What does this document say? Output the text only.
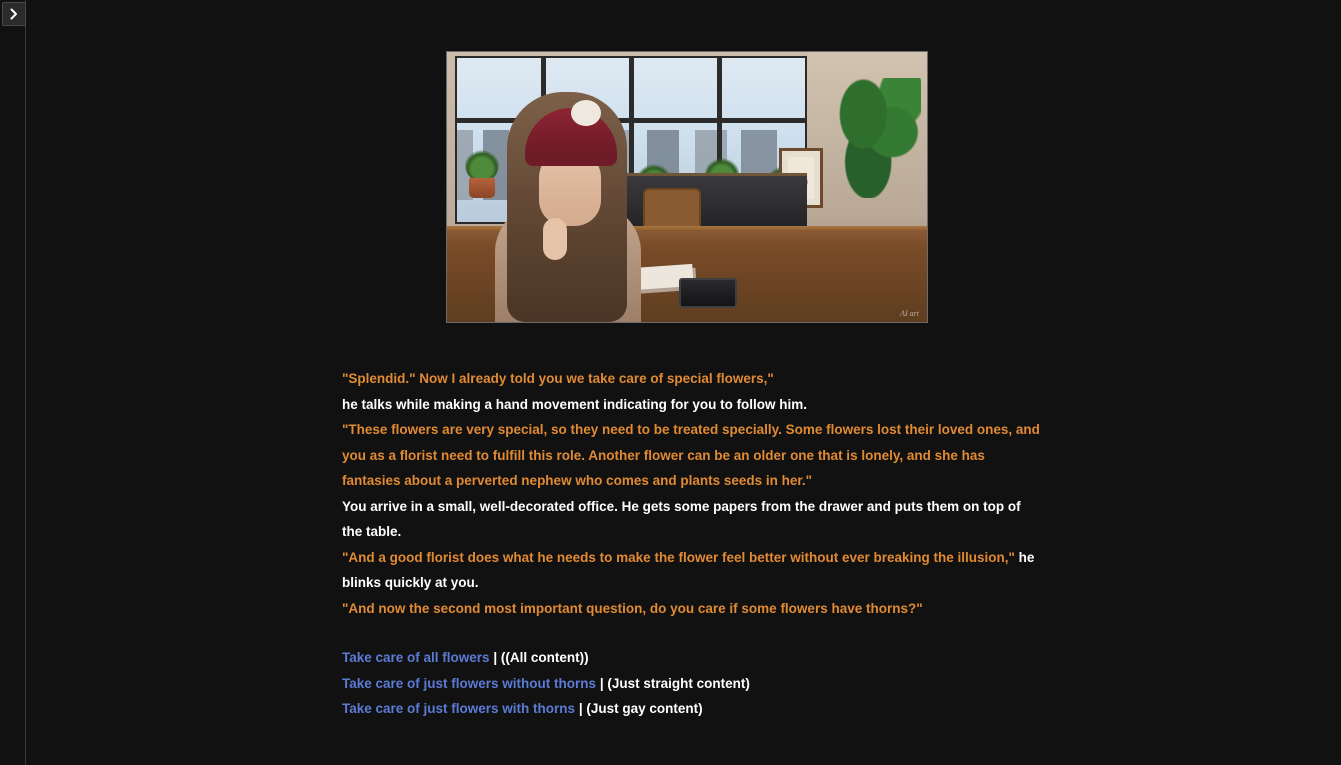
AI art

"Splendid." Now I already told you we take care of special flowers,"

he talks while making a hand movement indicating for you to follow him.

"These flowers are very special, so they need to be treated specially. Some flowers lost their loved ones, and you as a florist need to fulfill this role. Another flower can be an older one that is lonely, and she has fantasies about a perverted nephew who comes and plants seeds in her."

You arrive in a small, well-decorated office. He gets some papers from the drawer and puts them on top of the table.

"And a good florist does what he needs to make the flower feel better without ever breaking the illusion," he blinks quickly at you.

"And now the second most important question, do you care if some flowers have thorns?"

Take care of all flowers | ((All content))
Take care of just flowers without thorns | (Just straight content)
Take care of just flowers with thorns | (Just gay content)
